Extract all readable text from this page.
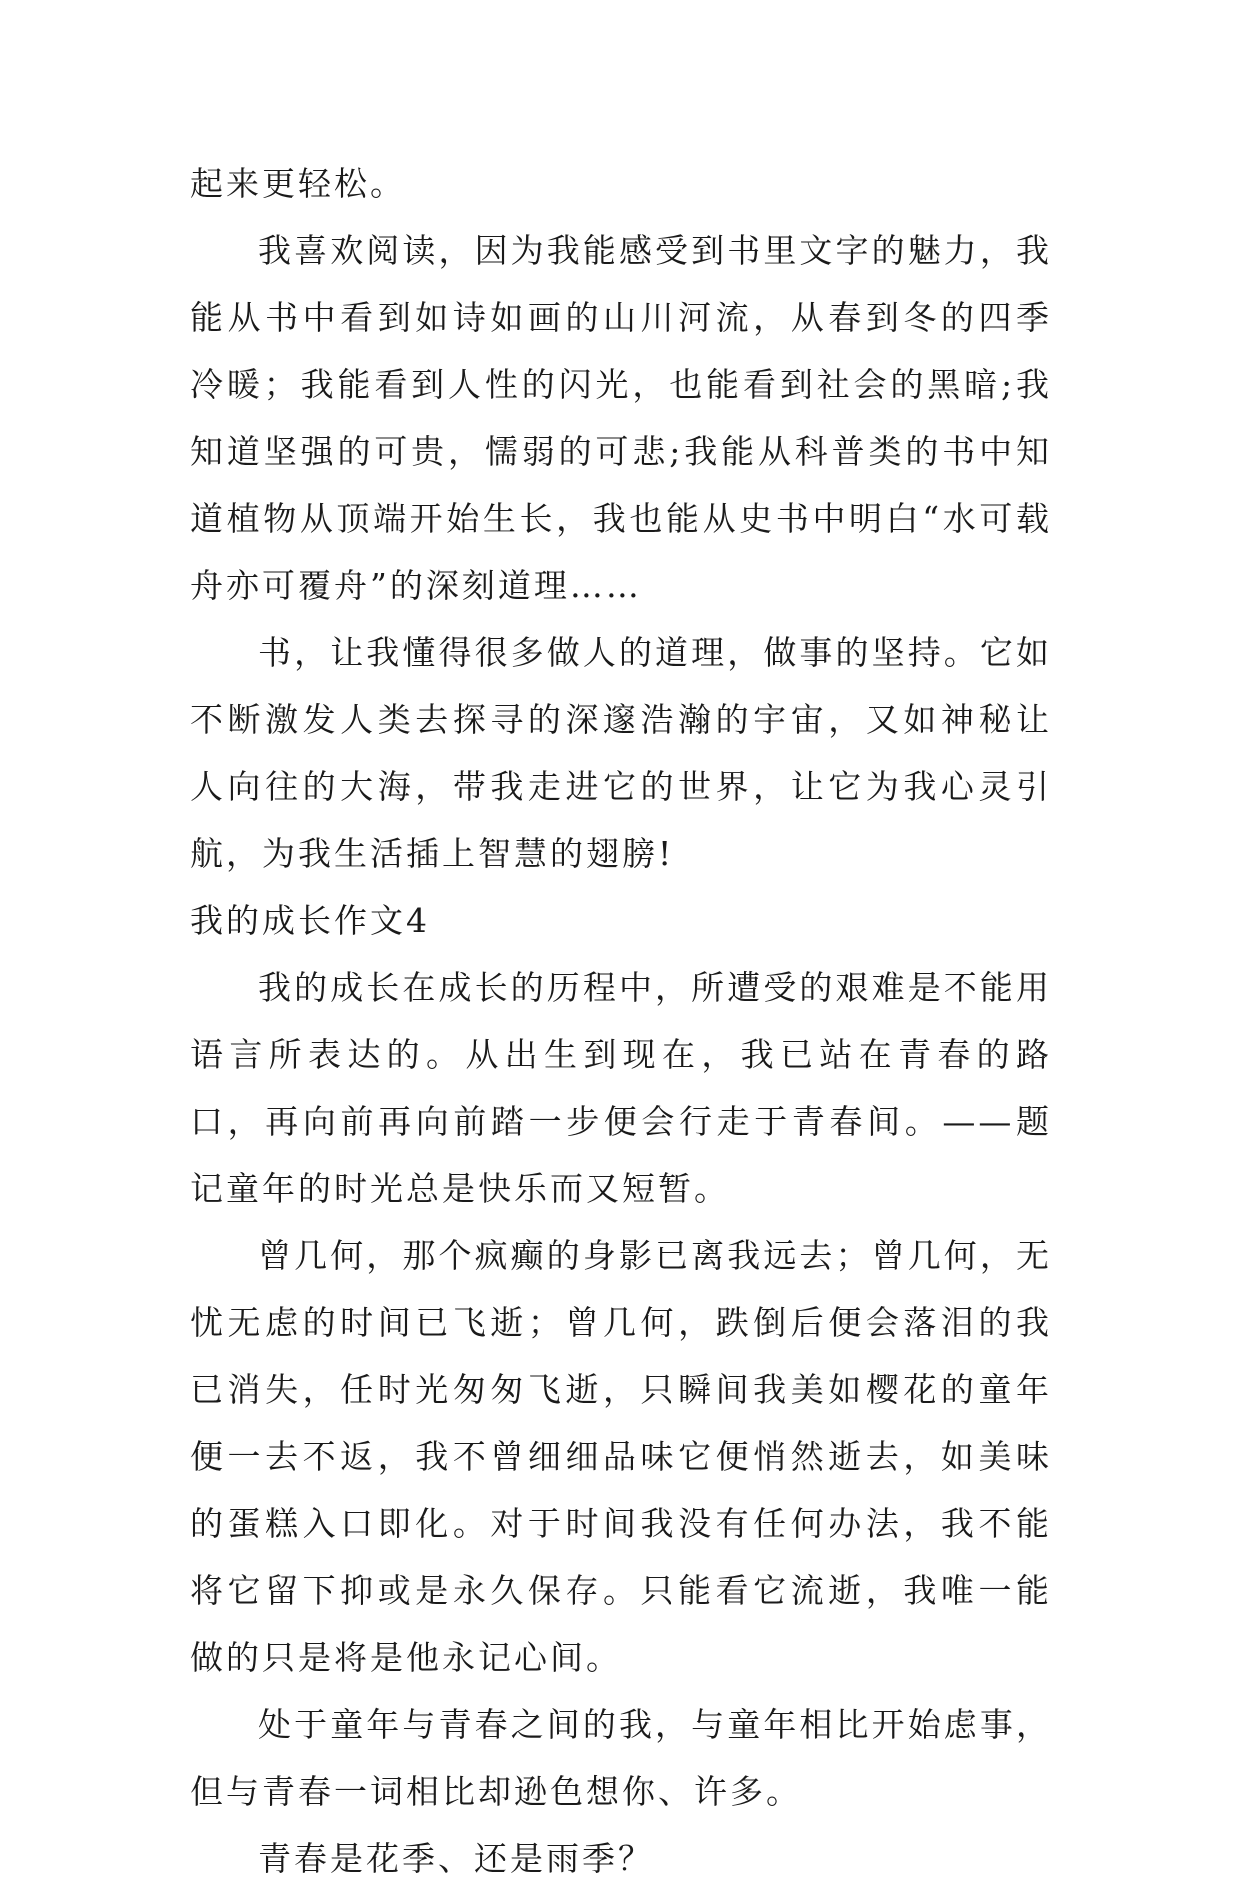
起来更轻松。

我喜欢阅读，因为我能感受到书里文字的魅力，我能从书中看到如诗如画的山川河流，从春到冬的四季冷暖；我能看到人性的闪光，也能看到社会的黑暗;我知道坚强的可贵，懦弱的可悲;我能从科普类的书中知道植物从顶端开始生长，我也能从史书中明白“水可载舟亦可覆舟”的深刻道理……

书，让我懂得很多做人的道理，做事的坚持。它如不断激发人类去探寻的深邃浩瀚的宇宙，又如神秘让人向往的大海，带我走进它的世界，让它为我心灵引航，为我生活插上智慧的翅膀!

我的成长作文4

我的成长在成长的历程中，所遭受的艰难是不能用语言所表达的。从出生到现在，我已站在青春的路口，再向前再向前踏一步便会行走于青春间。——题记童年的时光总是快乐而又短暂。

曾几何，那个疯癫的身影已离我远去；曾几何，无忧无虑的时间已飞逝；曾几何，跌倒后便会落泪的我已消失，任时光匆匆飞逝，只瞬间我美如樱花的童年便一去不返，我不曾细细品味它便悄然逝去，如美味的蛋糕入口即化。对于时间我没有任何办法，我不能将它留下抑或是永久保存。只能看它流逝，我唯一能做的只是将是他永记心间。

处于童年与青春之间的我，与童年相比开始虑事，但与青春一词相比却逊色想你、许多。

青春是花季、还是雨季？
